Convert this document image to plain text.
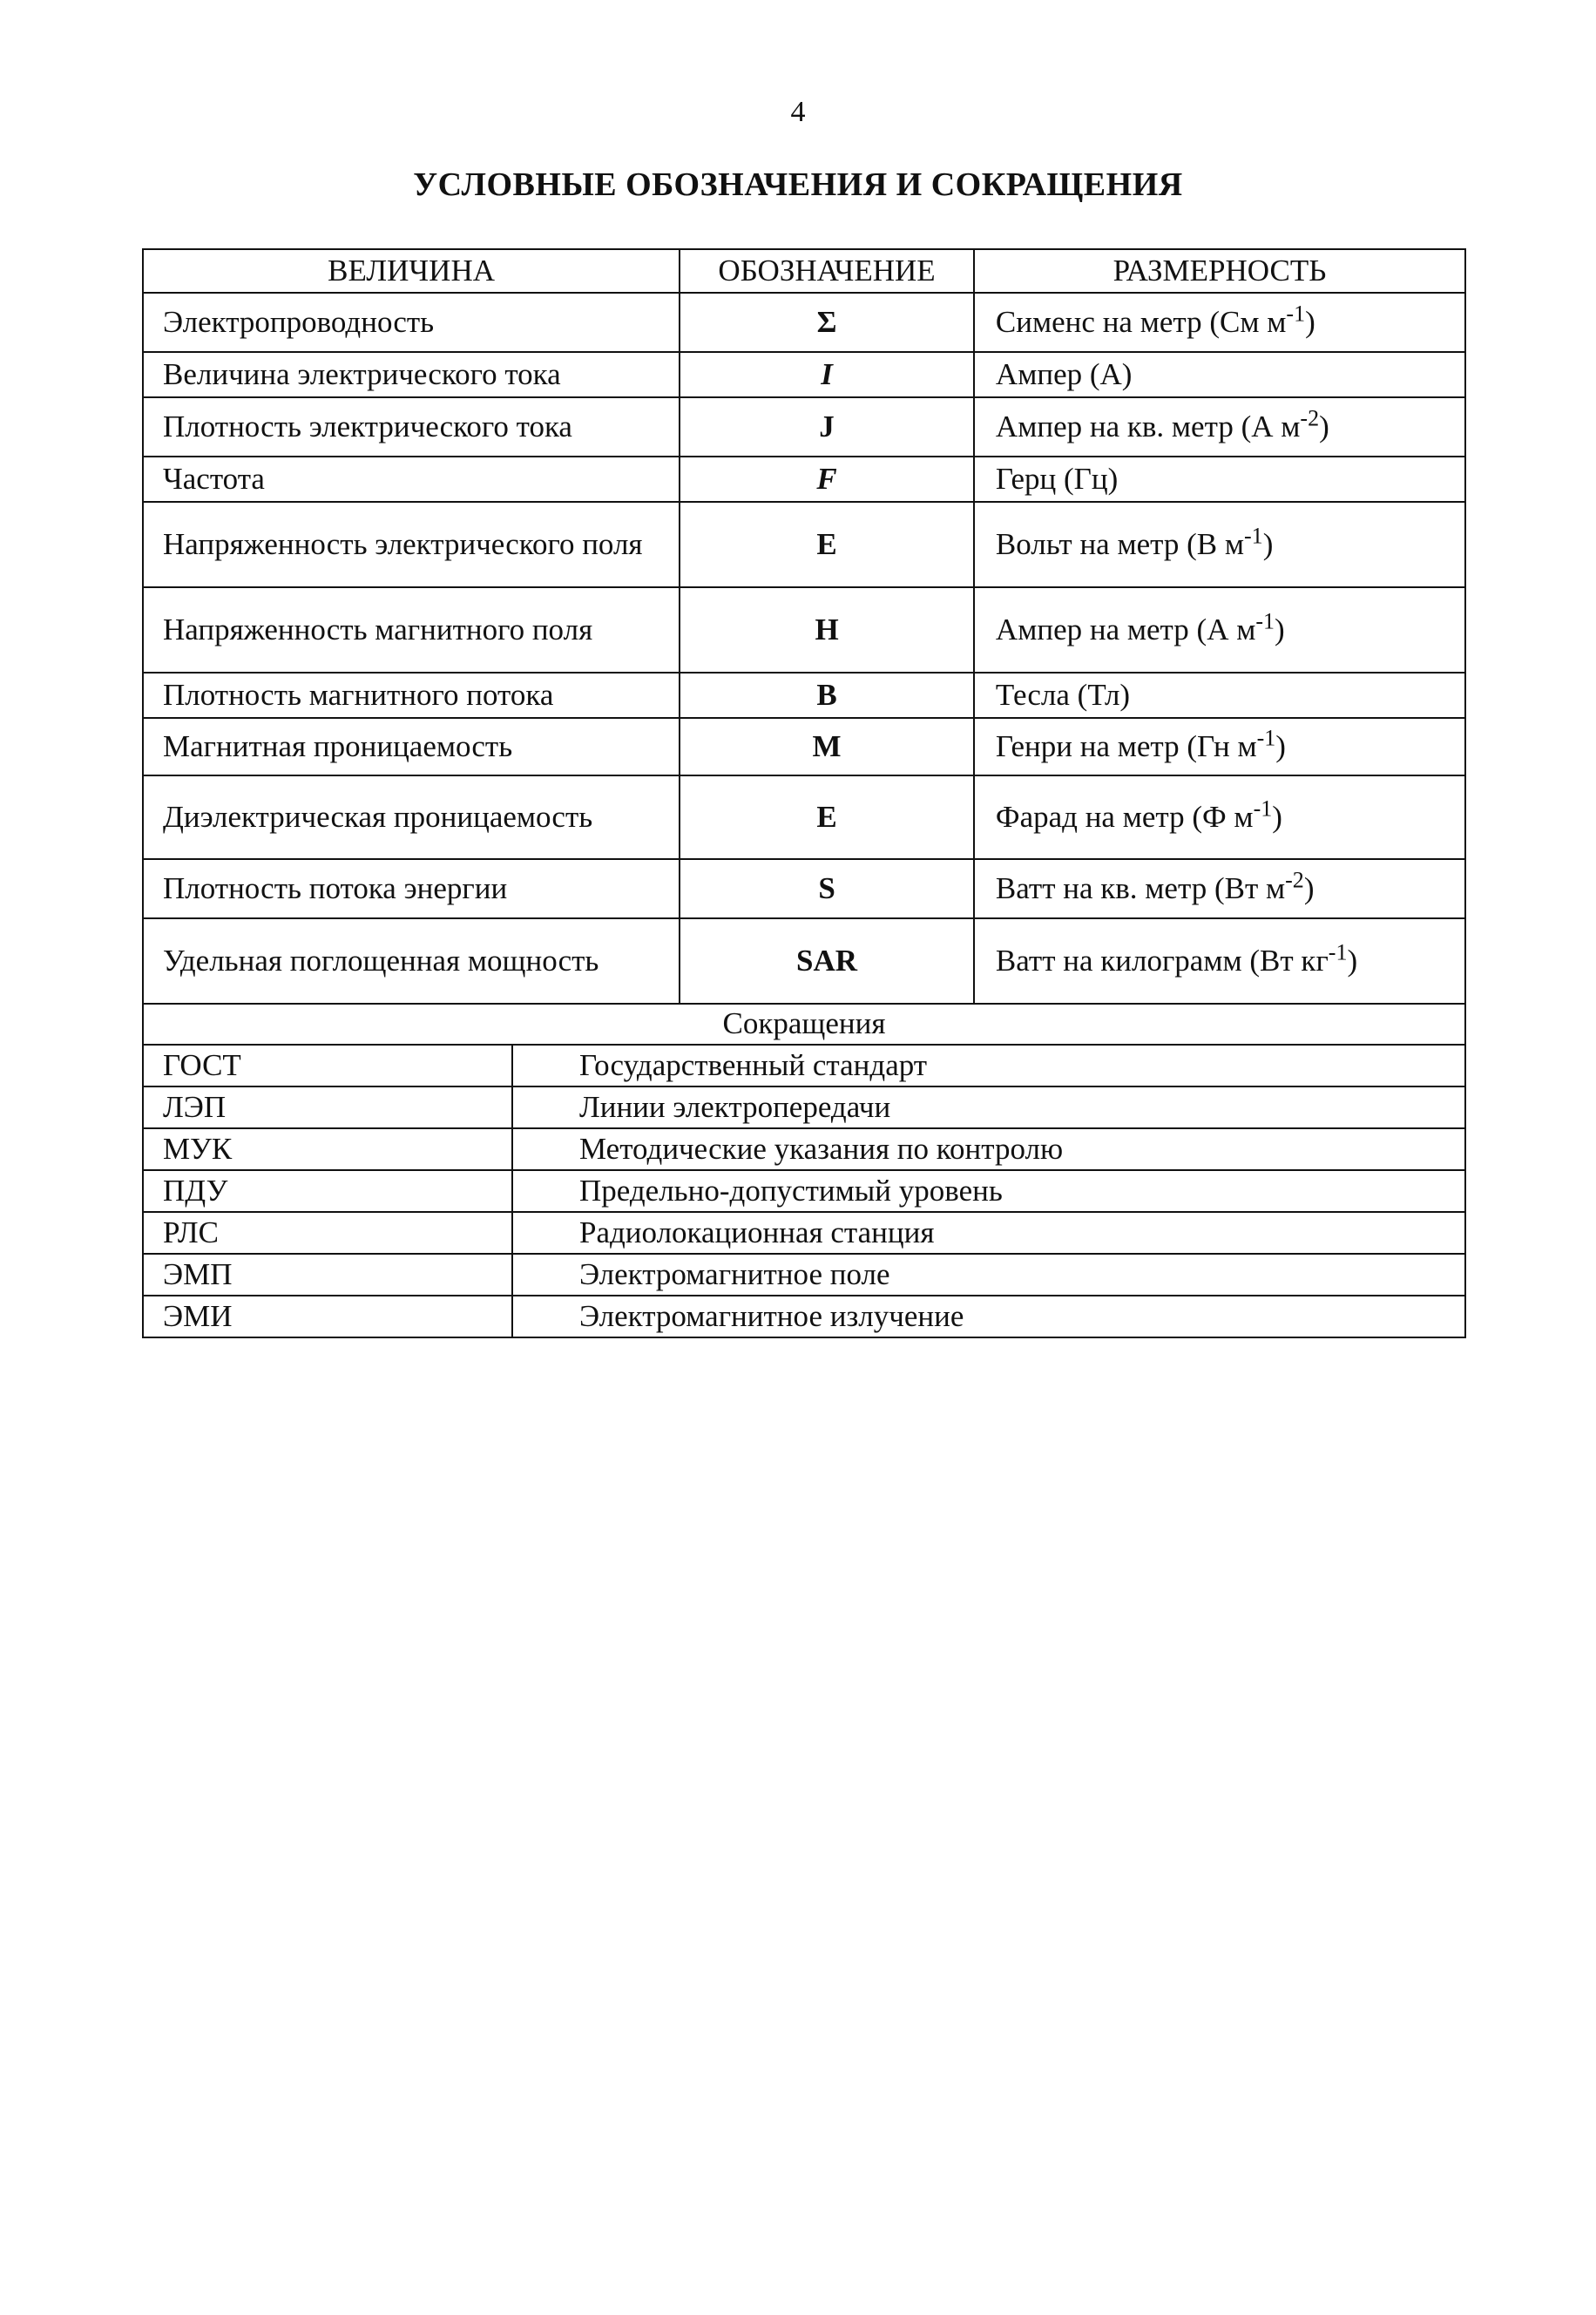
4
УСЛОВНЫЕ ОБОЗНАЧЕНИЯ И СОКРАЩЕНИЯ
ВЕЛИЧИНА	ОБОЗНАЧЕНИЕ	РАЗМЕРНОСТЬ
Электропроводность	Σ	Сименс на метр (См $м^{-1}$)
Величина электрического тока	I	Ампер (А)
Плотность электрического тока	J	Ампер на кв. метр (А $м^{-2}$)
Частота	F	Герц (Гц)
Напряженность электрического поля	E	Вольт на метр (В $м^{-1}$)
Напряженность магнитного поля	H	Ампер на метр (А $м^{-1}$)
Плотность магнитного потока	B	Тесла (Тл)
Магнитная проницаемость	M	Генри на метр (Гн $м^{-1}$)
Диэлектрическая проницаемость	E	Фарад на метр (Ф $м^{-1}$)
Плотность потока энергии	S	Ватт на кв. метр (Вт $м^{-2}$)
Удельная поглощенная мощность	SAR	Ватт на килограмм (Вт $кг^{-1}$)
Сокращения
ГОСТ	Государственный стандарт
ЛЭП	Линии электропередачи
МУК	Методические указания по контролю
ПДУ	Предельно-допустимый уровень
РЛС	Радиолокационная станция
ЭМП	Электромагнитное поле
ЭМИ	Электромагнитное излучение
